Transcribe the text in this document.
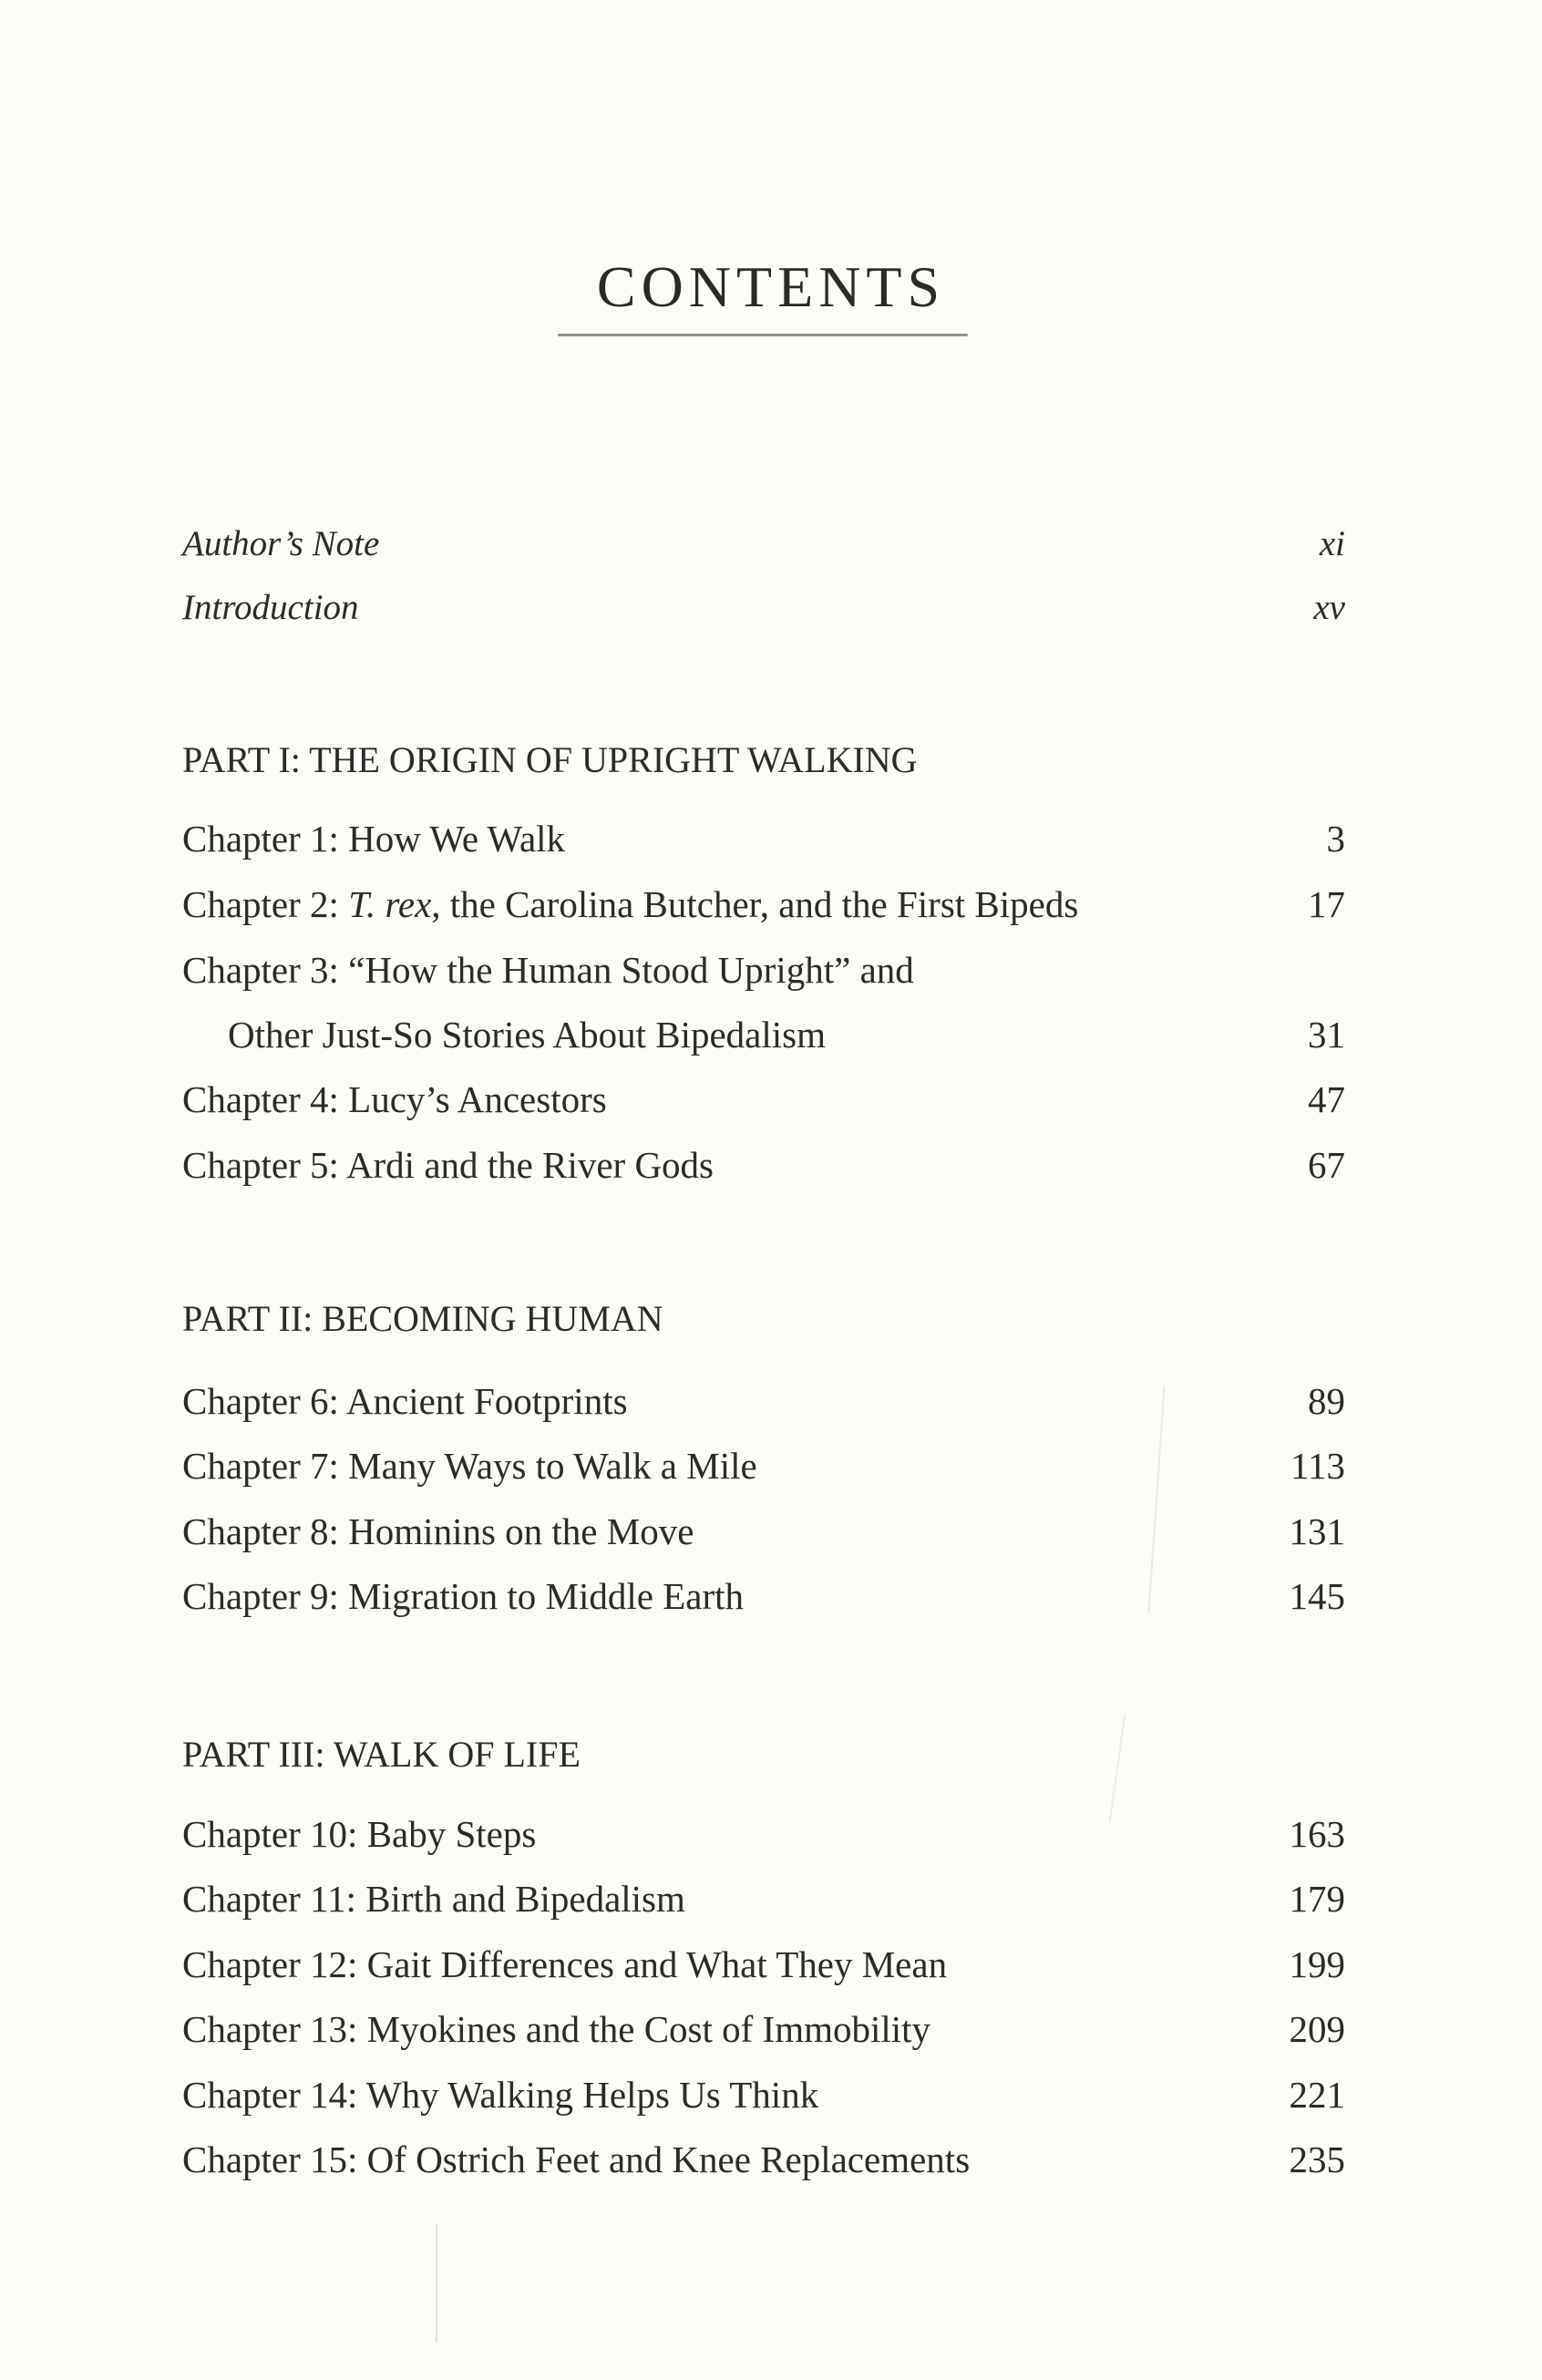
CONTENTS
Author’s Note	xi
Introduction	xv
PART I: THE ORIGIN OF UPRIGHT WALKING
Chapter 1: How We Walk	3
Chapter 2: T. rex, the Carolina Butcher, and the First Bipeds	17
Chapter 3: “How the Human Stood Upright” and
Other Just-So Stories About Bipedalism	31
Chapter 4: Lucy’s Ancestors	47
Chapter 5: Ardi and the River Gods	67
PART II: BECOMING HUMAN
Chapter 6: Ancient Footprints	89
Chapter 7: Many Ways to Walk a Mile	113
Chapter 8: Hominins on the Move	131
Chapter 9: Migration to Middle Earth	145
PART III: WALK OF LIFE
Chapter 10: Baby Steps	163
Chapter 11: Birth and Bipedalism	179
Chapter 12: Gait Differences and What They Mean	199
Chapter 13: Myokines and the Cost of Immobility	209
Chapter 14: Why Walking Helps Us Think	221
Chapter 15: Of Ostrich Feet and Knee Replacements	235
